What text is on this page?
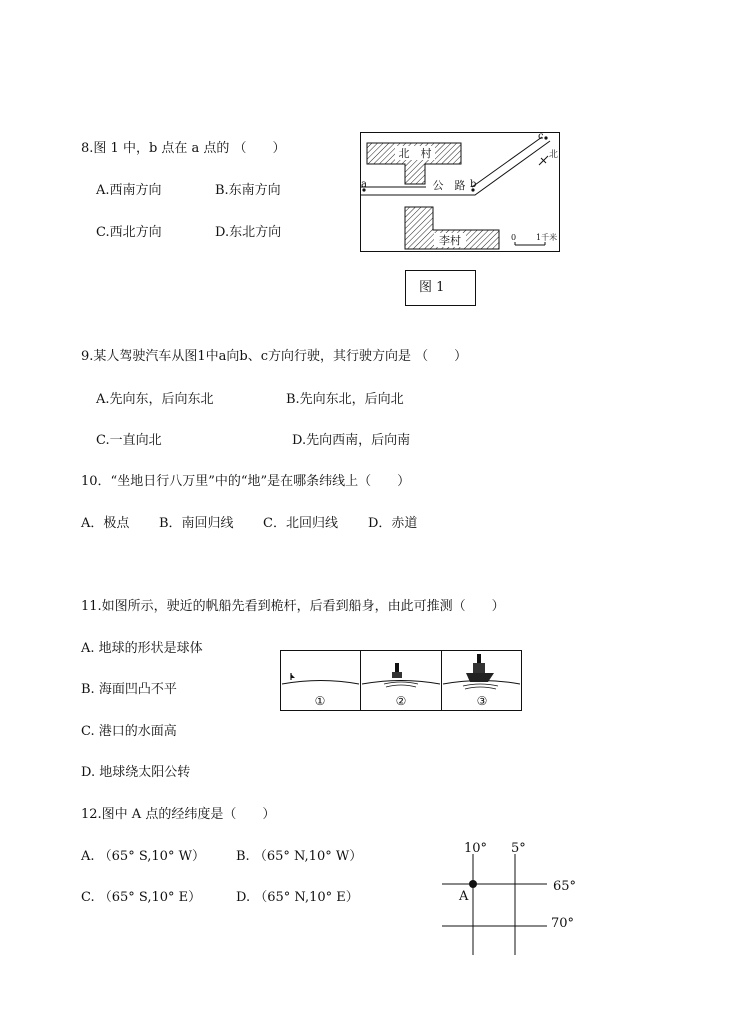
8.图 1 中，b 点在 a 点的 （　　）
A.西南方向	B.东南方向
C.西北方向	D.东北方向
北　村
公　路
a	b
c
北
李村	0 1千米
图 1
9.某人驾驶汽车从图1中a向b、c方向行驶，其行驶方向是 （　　）
A.先向东，后向东北	B.先向东北，后向北
C.一直向北	D.先向西南，后向南
10．“坐地日行八万里”中的“地”是在哪条纬线上（　　）
A．极点 B．南回归线 C．北回归线 D．赤道
11.如图所示，驶近的帆船先看到桅杆，后看到船身，由此可推测（　　）
A. 地球的形状是球体
B. 海面凹凸不平
C. 港口的水面高
D. 地球绕太阳公转
①	②	③
12.图中 A 点的经纬度是（　　）
A. （65° S,10° W） B. （65° N,10° W）
C. （65° S,10° E）	D. （65° N,10° E）
10° 5°
65°
70°
A
